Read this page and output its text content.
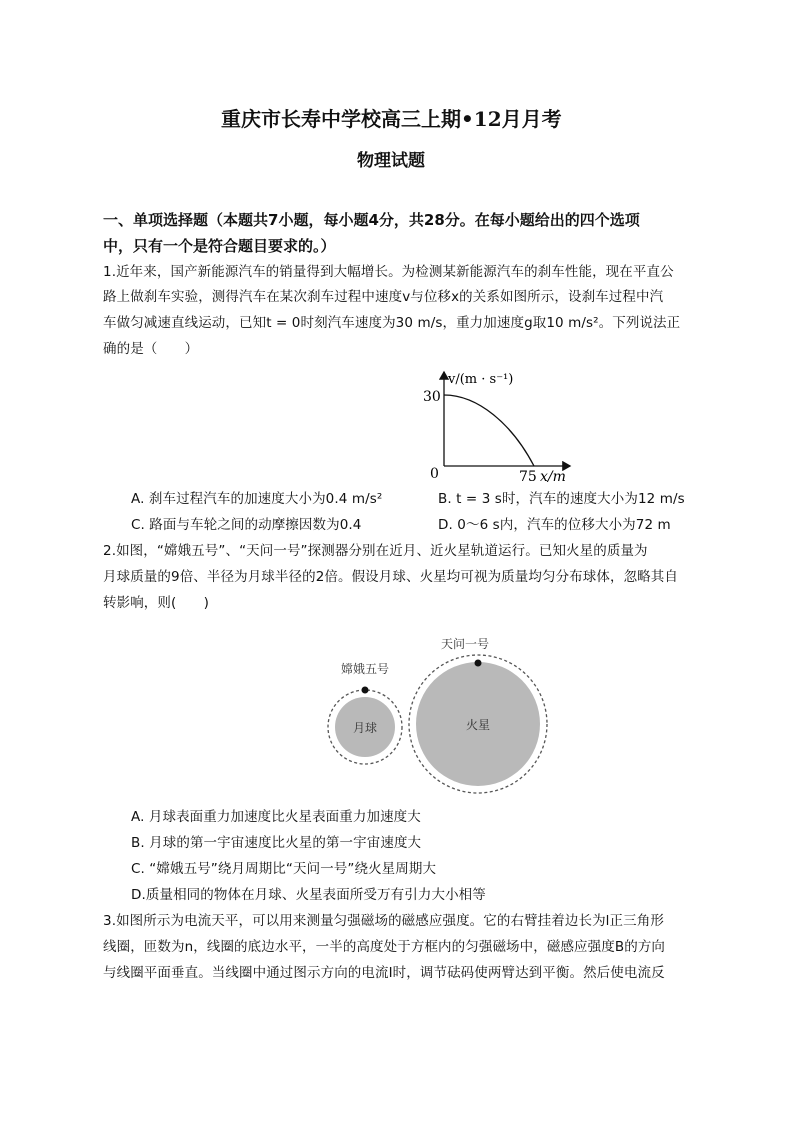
重庆市长寿中学校高三上期•12月月考
物理试题
一、单项选择题（本题共7小题，每小题4分，共28分。在每小题给出的四个选项
中，只有一个是符合题目要求的。）
1.近年来，国产新能源汽车的销量得到大幅增长。为检测某新能源汽车的刹车性能，现在平直公
路上做刹车实验，测得汽车在某次刹车过程中速度v与位移x的关系如图所示，设刹车过程中汽
车做匀减速直线运动，已知t = 0时刻汽车速度为30 m/s，重力加速度g取10 m/s²。下列说法正
确的是（　　）
v/(m · s⁻¹)
30
0	75 x/m
A. 刹车过程汽车的加速度大小为0.4 m/s²	B. t = 3 s时，汽车的速度大小为12 m/s
C. 路面与车轮之间的动摩擦因数为0.4	D. 0～6 s内，汽车的位移大小为72 m
2.如图，“嫦娥五号”、“天问一号”探测器分别在近月、近火星轨道运行。已知火星的质量为
月球质量的9倍、半径为月球半径的2倍。假设月球、火星均可视为质量均匀分布球体，忽略其自
转影响，则(　　)
嫦娥五号
月球
天问一号
火星
A. 月球表面重力加速度比火星表面重力加速度大
B. 月球的第一宇宙速度比火星的第一宇宙速度大
C. “嫦娥五号”绕月周期比“天问一号”绕火星周期大
D.质量相同的物体在月球、火星表面所受万有引力大小相等
3.如图所示为电流天平，可以用来测量匀强磁场的磁感应强度。它的右臂挂着边长为l正三角形
线圈，匝数为n，线圈的底边水平，一半的高度处于方框内的匀强磁场中，磁感应强度B的方向
与线圈平面垂直。当线圈中通过图示方向的电流I时，调节砝码使两臂达到平衡。然后使电流反
